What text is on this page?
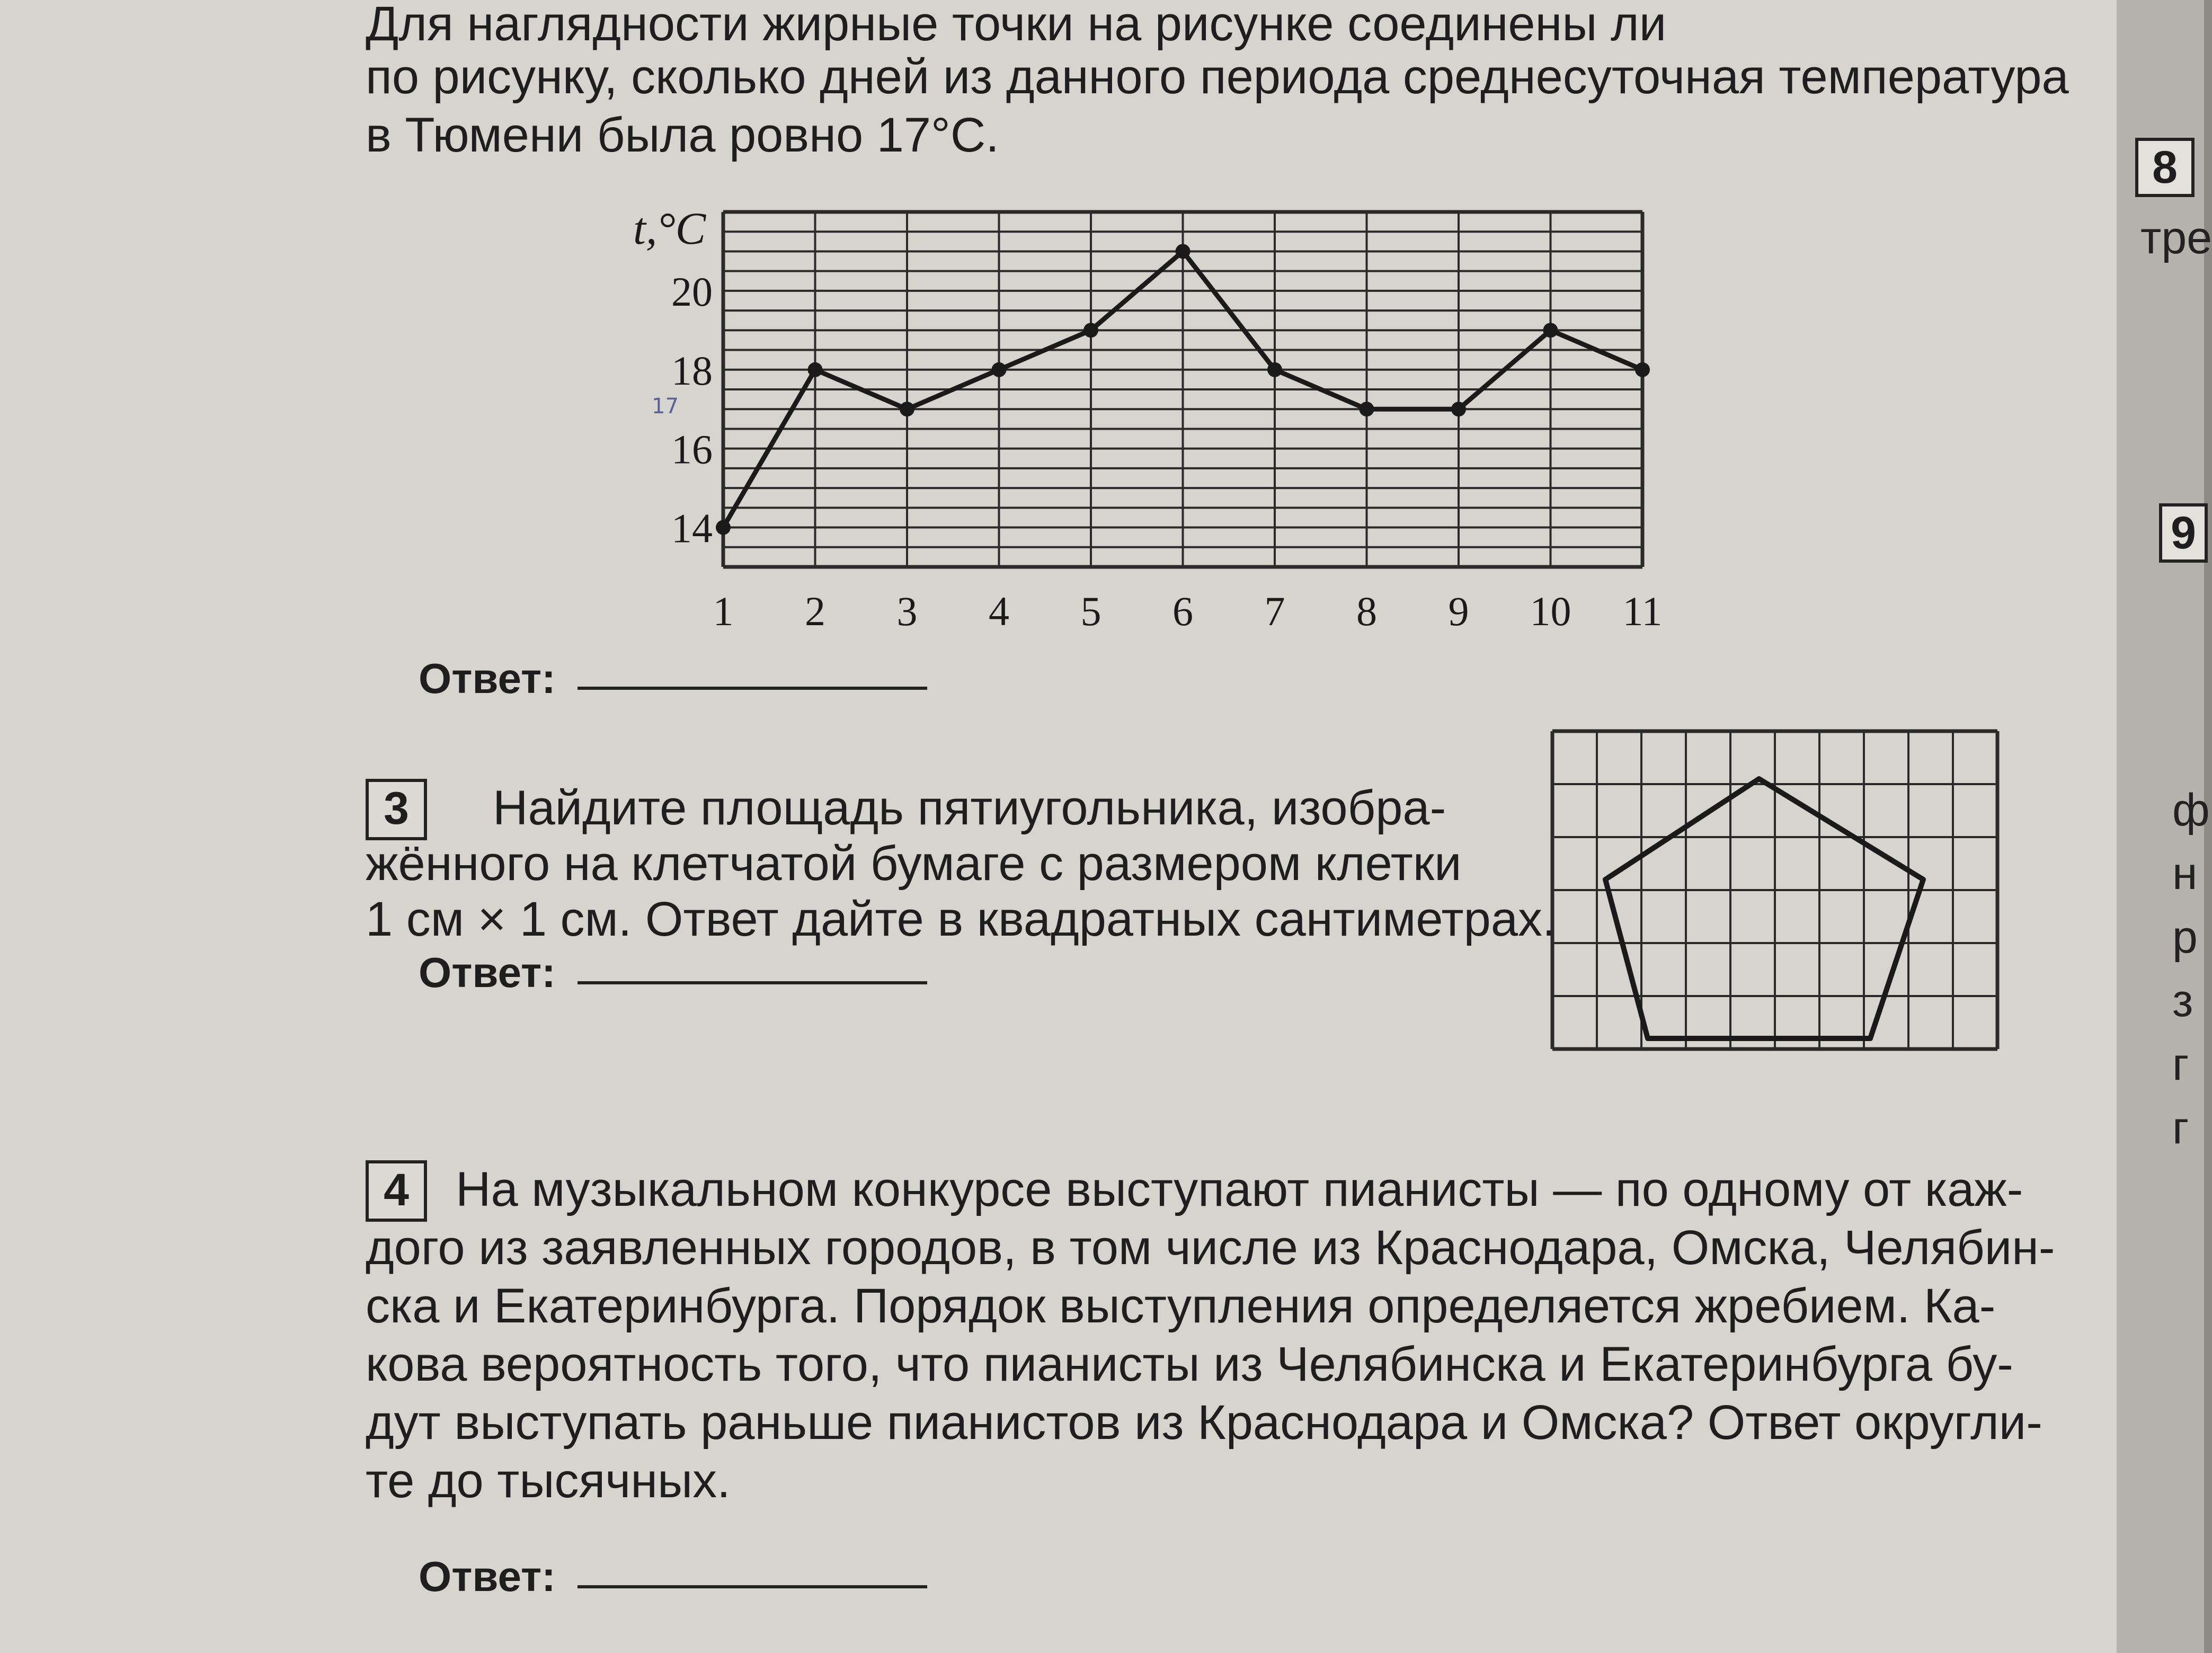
Для наглядности жирные точки на рисунке соединены ли
по рисунку, сколько дней из данного периода среднесуточная температура
в Тюмени была ровно 17°C.
14
16
18
20
1 2 3 4 5 6 7 8 9 10 11
t,°C
17
Ответ:
3	Найдите площадь пятиугольника, изобра-
жённого на клетчатой бумаге с размером клетки
1 см × 1 см. Ответ дайте в квадратных сантиметрах.
Ответ:
4 На музыкальном конкурсе выступают пианисты — по одному от каж-
дого из заявленных городов, в том числе из Краснодара, Омска, Челябин-
ска и Екатеринбурга. Порядок выступления определяется жребием. Ка-
кова вероятность того, что пианисты из Челябинска и Екатеринбурга бу-
дут выступать раньше пианистов из Краснодара и Омска? Ответ округли-
те до тысячных.
Ответ:
8
тре
9
ф
н
р
з
г
г
